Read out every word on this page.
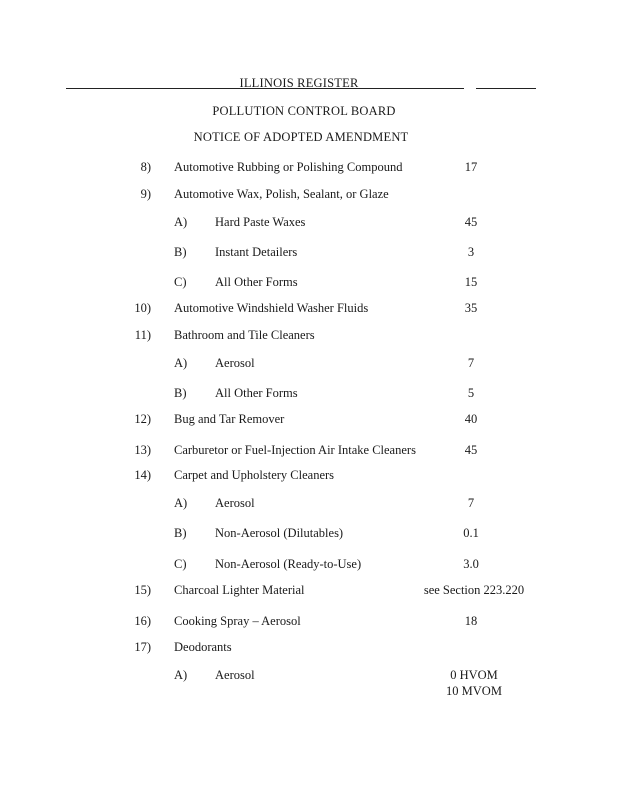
ILLINOIS REGISTER
POLLUTION CONTROL BOARD
NOTICE OF ADOPTED AMENDMENT
8) Automotive Rubbing or Polishing Compound	17
9) Automotive Wax, Polish, Sealant, or Glaze
A) Hard Paste Waxes	45
B) Instant Detailers	3
C) All Other Forms	15
10) Automotive Windshield Washer Fluids	35
11) Bathroom and Tile Cleaners
A) Aerosol	7
B) All Other Forms	5
12) Bug and Tar Remover	40
13) Carburetor or Fuel-Injection Air Intake Cleaners	45
14) Carpet and Upholstery Cleaners
A) Aerosol	7
B) Non-Aerosol (Dilutables)	0.1
C) Non-Aerosol (Ready-to-Use)	3.0
15) Charcoal Lighter Material	see Section 223.220
16) Cooking Spray – Aerosol	18
17) Deodorants
A) Aerosol	0 HVOM
10 MVOM
